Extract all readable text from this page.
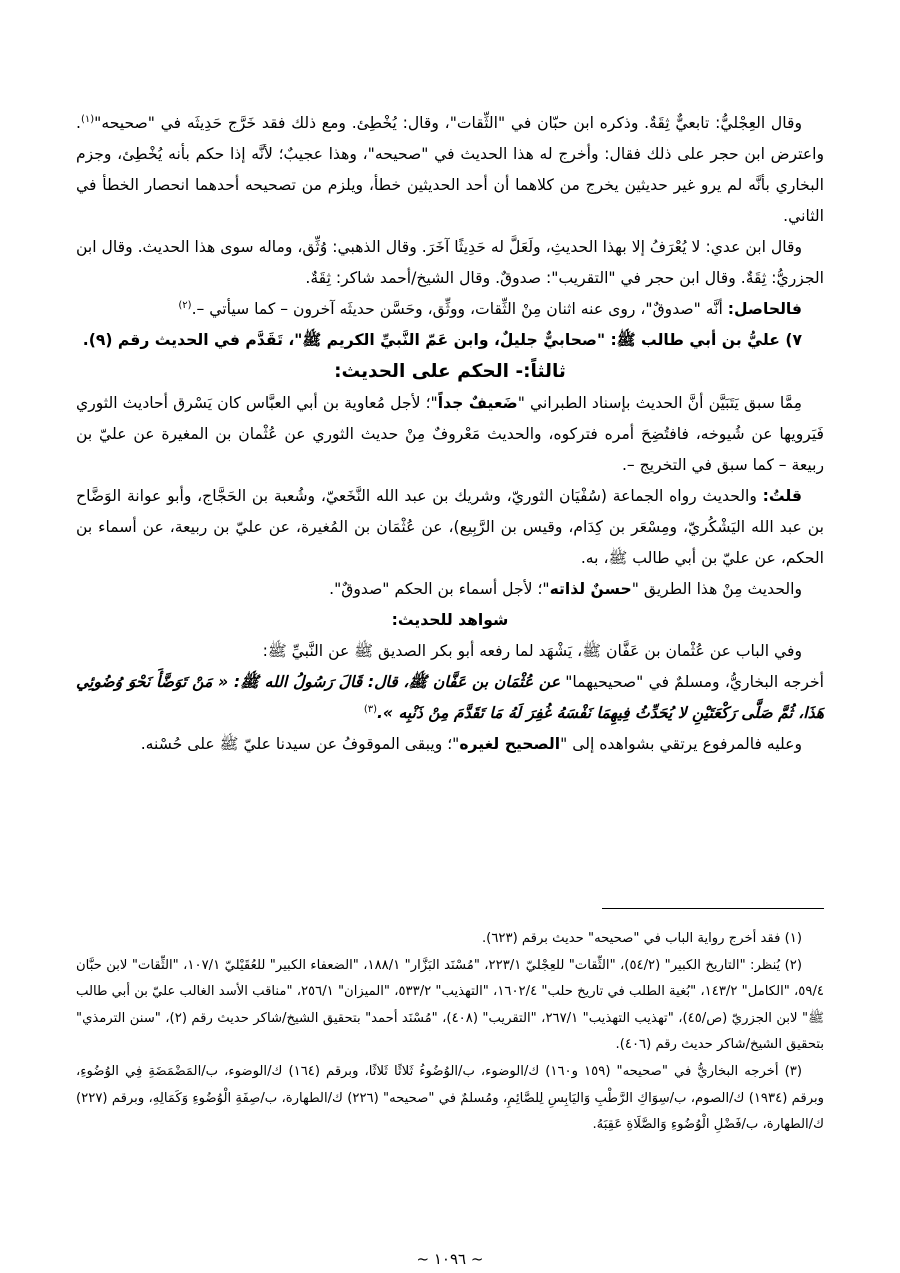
وقال العِجْليُّ: تابعيٌّ ثِقَةٌ. وذكره ابن حبّان في "الثِّقات"، وقال: يُخْطِئ. ومع ذلك فقد خَرَّج حَدِيثَه في "صحيحه"$^{(١)}$. واعترض ابن حجر على ذلك فقال: وأخرج له هذا الحديث في "صحيحه"، وهذا عجيبٌ؛ لأنَّه إذا حكم بأنه يُخْطِئ، وجزم البخاري بأنَّه لم يرو غير حديثين يخرج من كلاهما أن أحد الحديثين خطأ، ويلزم من تصحيحه أحدهما انحصار الخطأ في الثاني.

وقال ابن عدي: لا يُعْرَفُ إلا بهذا الحديثِ، ولَعَلَّ له حَدِيثًا آخَرَ. وقال الذهبي: وُثِّق، وماله سوى هذا الحديث. وقال ابن الجزريُّ: ثِقَةٌ. وقال ابن حجر في "التقريب": صدوقٌ. وقال الشيخ/أحمد شاكر: ثِقَةٌ.

فالحاصل: أنَّه "صدوقٌ"، روى عنه اثنان مِنْ الثِّقات، ووثِّق، وحَسَّن حديثَه آخرون – كما سيأتي –.$^{(٢)}$

٧) عليُّ بن أبي طالب ﷺ: "صحابيٌّ جليلٌ، وابن عَمّ النَّبيِّ الكريم ﷺ"، تَقَدَّم في الحديث رقم (٩).

ثالثاً:- الحكم على الحديث:

مِمَّا سبق يَتَبَيَّن أنَّ الحديث بإسناد الطبراني "ضَعيفٌ جداً"؛ لأجل مُعاوية بن أبي العبَّاس كان يَسْرق أحاديث الثوري فَيَرويها عن شُيوخه، فافتُضِحَ أمره فتركوه، والحديث مَعْروفٌ مِنْ حديث الثوري عن عُثْمان بن المغيرة عن عليّ بن ربيعة – كما سبق في التخريج –.

قلتُ: والحديث رواه الجماعة (سُفْيَان الثوريّ، وشريك بن عبد الله النَّخَعيّ، وشُعبة بن الحَجَّاج، وأبو عوانة الوَضَّاح بن عبد الله اليَشْكُريّ، ومِسْعَر بن كِدَام، وقيس بن الرَّبِيع)، عن عُثْمَان بن المُغيرة، عن عليّ بن ربيعة، عن أسماء بن الحكم، عن عليّ بن أبي طالب ﷺ، به.

والحديث مِنْ هذا الطريق "حسنٌ لذاته"؛ لأجل أسماء بن الحكم "صدوقٌ".

شواهد للحديث:

وفي الباب عن عُثْمان بن عَفَّان ﷺ، يَشْهَد لما رفعه أبو بكر الصديق ﷺ عن النَّبيِّ ﷺ:

أخرجه البخاريُّ، ومسلمٌ في "صحيحيهما" عن عُثْمَان بن عَفَّان ﷺ، قال: قَالَ رَسُولُ الله ﷺ: « مَنْ تَوَضَّأَ نَحْوَ وُضُوئِي هَذَا، ثُمَّ صَلَّى رَكْعَتَيْنِ لا يُحَدِّثُ فِيهِمَا نَفْسَهُ غُفِرَ لَهُ مَا تَقَدَّمَ مِنْ ذَنْبِه ».$^{(٣)}$

وعليه فالمرفوع يرتقي بشواهده إلى "الصحيح لغيره"؛ ويبقى الموقوفُ عن سيدنا عليّ ﷺ على حُسْنه.

(١) فقد أخرج رواية الباب في "صحيحه" حديث برقم (٦٢٣).

(٢) يُنظر: "التاريخ الكبير" (٥٤/٢)، "الثِّقات" للعِجْليّ ٢٢٣/١، "مُسْنَد البَزَّار" ١٨٨/١، "الضعفاء الكبير" للعُقَيْليّ ١٠٧/١، "الثِّقات" لابن حبَّان ٥٩/٤، "الكامل" ١٤٣/٢، "بُغية الطلب في تاريخ حلب" ١٦٠٢/٤، "التهذيب" ٥٣٣/٢، "الميزان" ٢٥٦/١، "مناقب الأسد الغالب عليّ بن أبي طالب ﷺ" لابن الجزريّ (ص/٤٥)، "تهذيب التهذيب" ٢٦٧/١، "التقريب" (٤٠٨)، "مُسْنَد أحمد" بتحقيق الشيخ/شاكر حديث رقم (٢)، "سنن الترمذي" بتحقيق الشيخ/شاكر حديث رقم (٤٠٦).

(٣) أخرجه البخاريُّ في "صحيحه" (١٥٩ و١٦٠) ك/الوضوء، ب/الوُضُوءُ ثَلاثًا ثَلاثًا، وبرقم (١٦٤) ك/الوضوء، ب/المَضْمَضَةِ فِي الوُضُوءِ، وبرقم (١٩٣٤) ك/الصوم، ب/سِوَاكِ الرَّطْبِ وَاليَابِسِ لِلصَّائِمِ، ومُسلمٌ في "صحيحه" (٢٢٦) ك/الطهارة، ب/صِفَةِ الْوُضُوءِ وَكَمَالِهِ، وبرقم (٢٢٧) ك/الطهارة، ب/فَضْلِ الْوُضُوءِ وَالصَّلَاةِ عَقِبَهُ.

~ ١٠٩٦ ~
